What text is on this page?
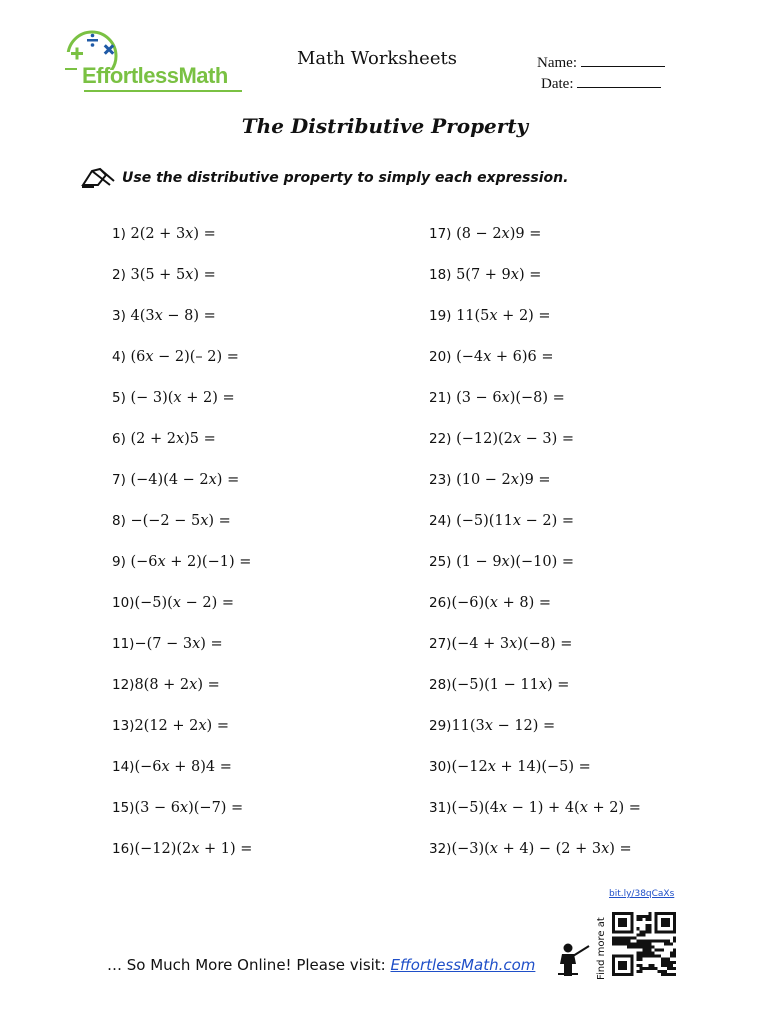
EffortlessMath
Math Worksheets	Name:
Date:
The Distributive Property
Use the distributive property to simply each expression.
1) 2(2 + 3𝑥) =
2) 3(5 + 5𝑥) =
3) 4(3𝑥 − 8) =
4) (6𝑥 − 2)(– 2) =
5) (− 3)(𝑥 + 2) =
6) (2 + 2𝑥)5 =
7) (−4)(4 − 2𝑥) =
8) −(−2 − 5𝑥) =
9) (−6𝑥 + 2)(−1) =
10)(−5)(𝑥 − 2) =
11)−(7 − 3𝑥) =
12)8(8 + 2𝑥) =
13)2(12 + 2𝑥) =
14)(−6𝑥 + 8)4 =
15)(3 − 6𝑥)(−7) =
16)(−12)(2𝑥 + 1) =
17) (8 − 2𝑥)9 =
18) 5(7 + 9𝑥) =
19) 11(5𝑥 + 2) =
20) (−4𝑥 + 6)6 =
21) (3 − 6𝑥)(−8) =
22) (−12)(2𝑥 − 3) =
23) (10 − 2𝑥)9 =
24) (−5)(11𝑥 − 2) =
25) (1 − 9𝑥)(−10) =
26)(−6)(𝑥 + 8) =
27)(−4 + 3𝑥)(−8) =
28)(−5)(1 − 11𝑥) =
29)11(3𝑥 − 12) =
30)(−12𝑥 + 14)(−5) =
31)(−5)(4𝑥 − 1) + 4(𝑥 + 2) =
32)(−3)(𝑥 + 4) − (2 + 3𝑥) =
bit.ly/38qCaXs
Find more at
… So Much More Online! Please visit: EffortlessMath.com
